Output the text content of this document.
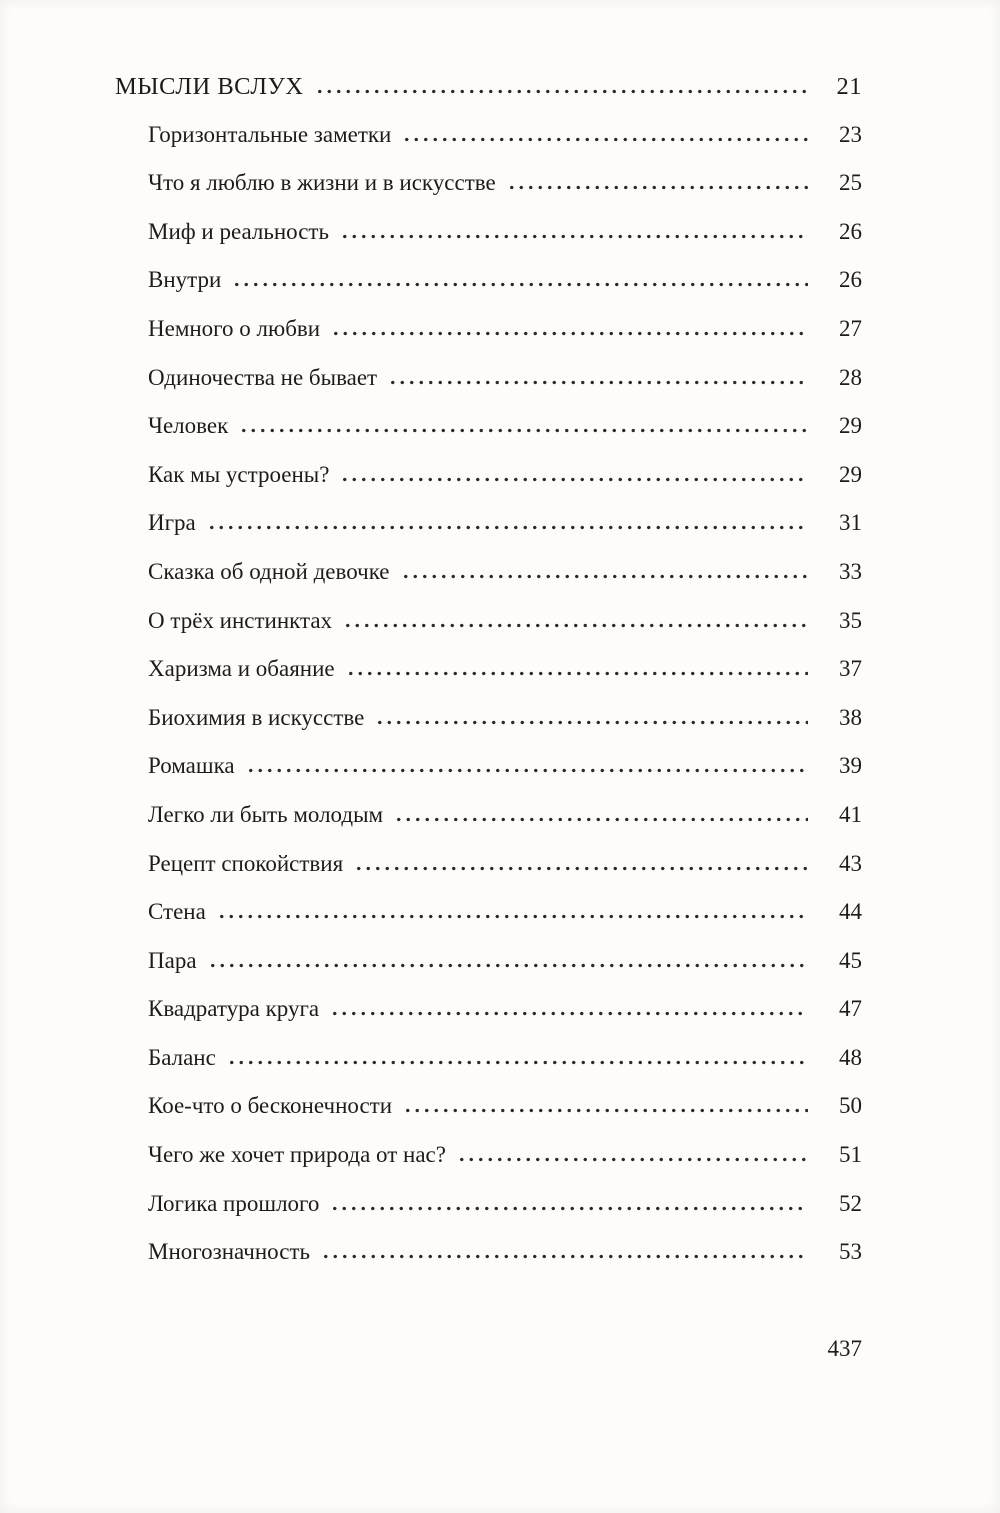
МЫСЛИ ВСЛУХ	21
Горизонтальные заметки	23
Что я люблю в жизни и в искусстве	25
Миф и реальность	26
Внутри	26
Немного о любви	27
Одиночества не бывает	28
Человек	29
Как мы устроены?	29
Игра	31
Сказка об одной девочке	33
О трёх инстинктах	35
Харизма и обаяние	37
Биохимия в искусстве	38
Ромашка	39
Легко ли быть молодым	41
Рецепт спокойствия	43
Стена	44
Пара	45
Квадратура круга	47
Баланс	48
Кое-что о бесконечности	50
Чего же хочет природа от нас?	51
Логика прошлого	52
Многозначность	53
437
